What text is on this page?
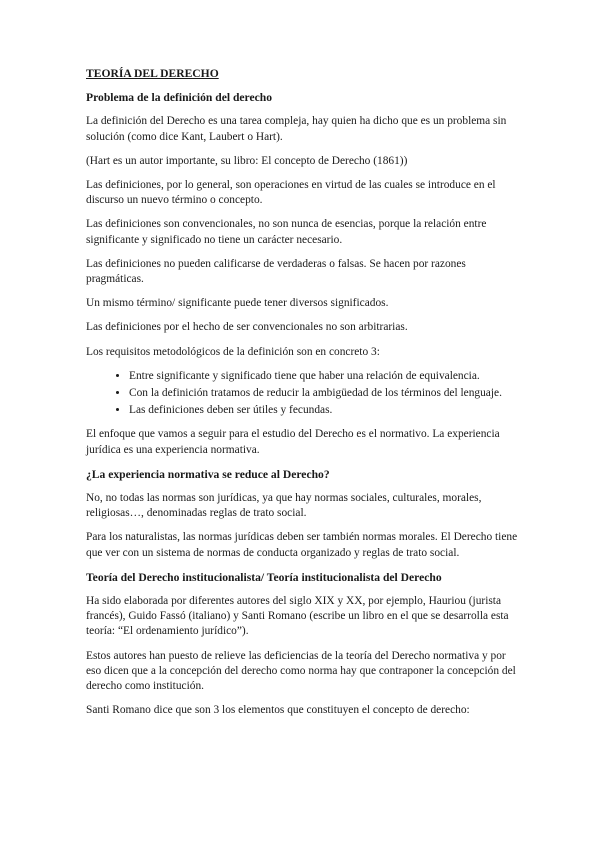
TEORÍA DEL DERECHO
Problema de la definición del derecho

La definición del Derecho es una tarea compleja, hay quien ha dicho que es un problema sin solución (como dice Kant, Laubert o Hart).

(Hart es un autor importante, su libro: El concepto de Derecho (1861))

Las definiciones, por lo general, son operaciones en virtud de las cuales se introduce en el discurso un nuevo término o concepto.

Las definiciones son convencionales, no son nunca de esencias, porque la relación entre significante y significado no tiene un carácter necesario.

Las definiciones no pueden calificarse de verdaderas o falsas. Se hacen por razones pragmáticas.

Un mismo término/ significante puede tener diversos significados.

Las definiciones por el hecho de ser convencionales no son arbitrarias.

Los requisitos metodológicos de la definición son en concreto 3:

• Entre significante y significado tiene que haber una relación de equivalencia.
• Con la definición tratamos de reducir la ambigüedad de los términos del lenguaje.
• Las definiciones deben ser útiles y fecundas.

El enfoque que vamos a seguir para el estudio del Derecho es el normativo. La experiencia jurídica es una experiencia normativa.

¿La experiencia normativa se reduce al Derecho?

No, no todas las normas son jurídicas, ya que hay normas sociales, culturales, morales, religiosas…, denominadas reglas de trato social.

Para los naturalistas, las normas jurídicas deben ser también normas morales. El Derecho tiene que ver con un sistema de normas de conducta organizado y reglas de trato social.

Teoría del Derecho institucionalista/ Teoría institucionalista del Derecho

Ha sido elaborada por diferentes autores del siglo XIX y XX, por ejemplo, Hauriou (jurista francés), Guido Fassó (italiano) y Santi Romano (escribe un libro en el que se desarrolla esta teoría: “El ordenamiento jurídico”).

Estos autores han puesto de relieve las deficiencias de la teoría del Derecho normativa y por eso dicen que a la concepción del derecho como norma hay que contraponer la concepción del derecho como institución.

Santi Romano dice que son 3 los elementos que constituyen el concepto de derecho:
